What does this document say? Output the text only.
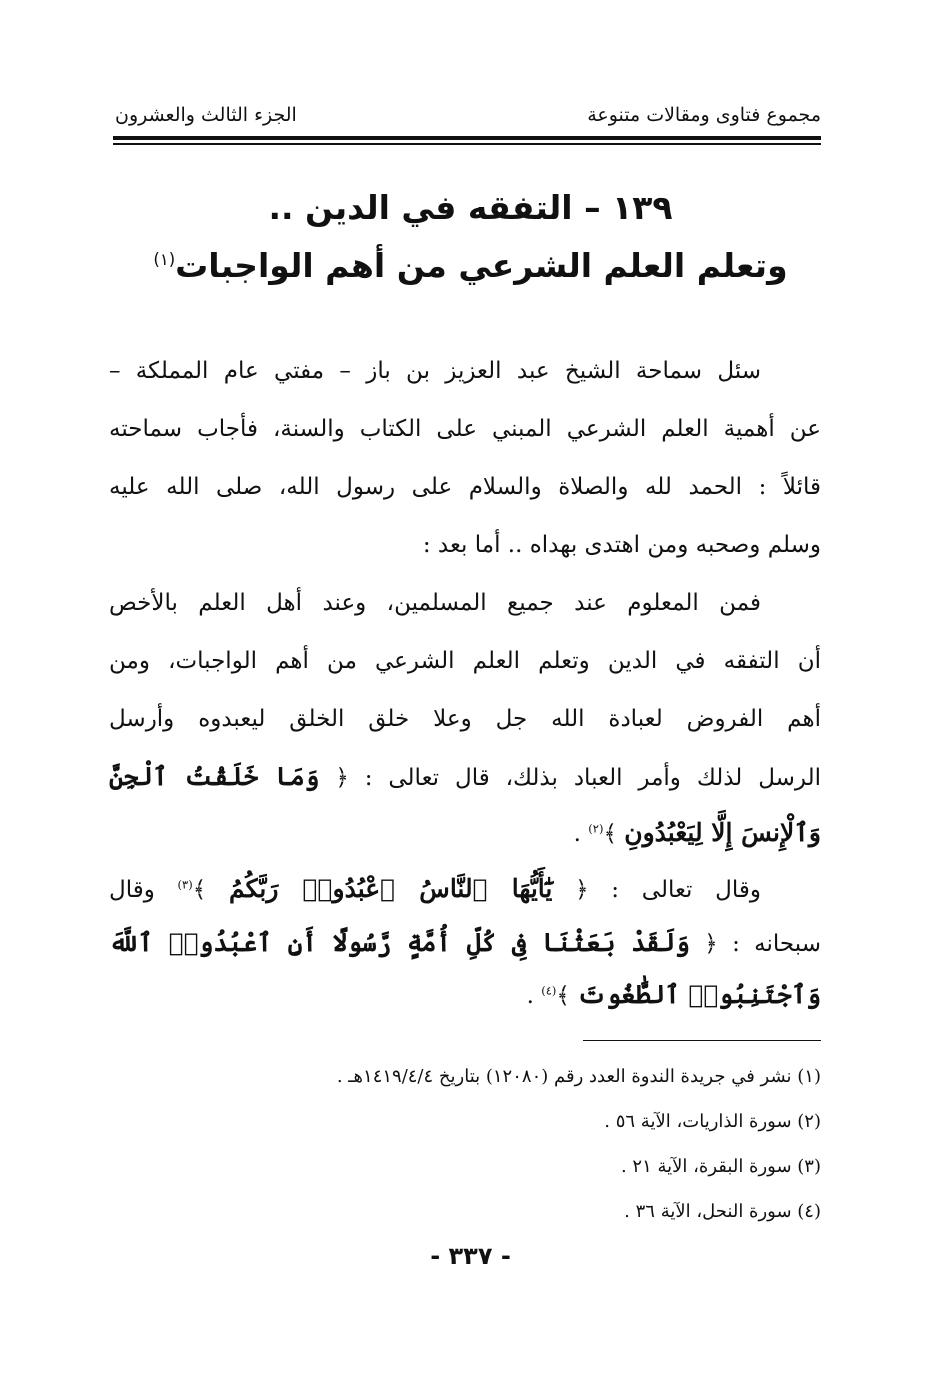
مجموع فتاوى ومقالات متنوعة
الجزء الثالث والعشرون
١٣٩ – التفقه في الدين ..
وتعلم العلم الشرعي من أهم الواجبات$^{(١)}$
سئل سماحة الشيخ عبد العزيز بن باز – مفتي عام المملكة –
عن أهمية العلم الشرعي المبني على الكتاب والسنة، فأجاب سماحته
قائلاً : الحمد لله والصلاة والسلام على رسول الله، صلى الله عليه
وسلم وصحبه ومن اهتدى بهداه .. أما بعد :
فمن المعلوم عند جميع المسلمين، وعند أهل العلم بالأخص
أن التفقه في الدين وتعلم العلم الشرعي من أهم الواجبات، ومن
أهم الفروض لعبادة الله جل وعلا خلق الخلق ليعبدوه وأرسل
الرسل لذلك وأمر العباد بذلك، قال تعالى : ﴿ وَمَا خَلَقْتُ ٱلْجِنَّ
وَٱلْإِنسَ إِلَّا لِيَعْبُدُونِ ﴾$^{(٢)}$ .
وقال تعالى : ﴿ يَٰٓأَيُّهَا ٱلنَّاسُ ٱعْبُدُوا۟ رَبَّكُمُ ﴾$^{(٣)}$ وقال
سبحانه : ﴿ وَلَقَدْ بَعَثْنَا فِى كُلِّ أُمَّةٍ رَّسُولًا أَنِ ٱعْبُدُوا۟ ٱللَّهَ
وَٱجْتَنِبُوا۟ ٱلطَّٰغُوتَ ﴾$^{(٤)}$ .
(١) نشر في جريدة الندوة العدد رقم (١٢٠٨٠) بتاريخ ١٤١٩/٤/٤هـ .
(٢) سورة الذاريات، الآية ٥٦ .
(٣) سورة البقرة، الآية ٢١ .
(٤) سورة النحل، الآية ٣٦ .
- ٣٣٧ -
